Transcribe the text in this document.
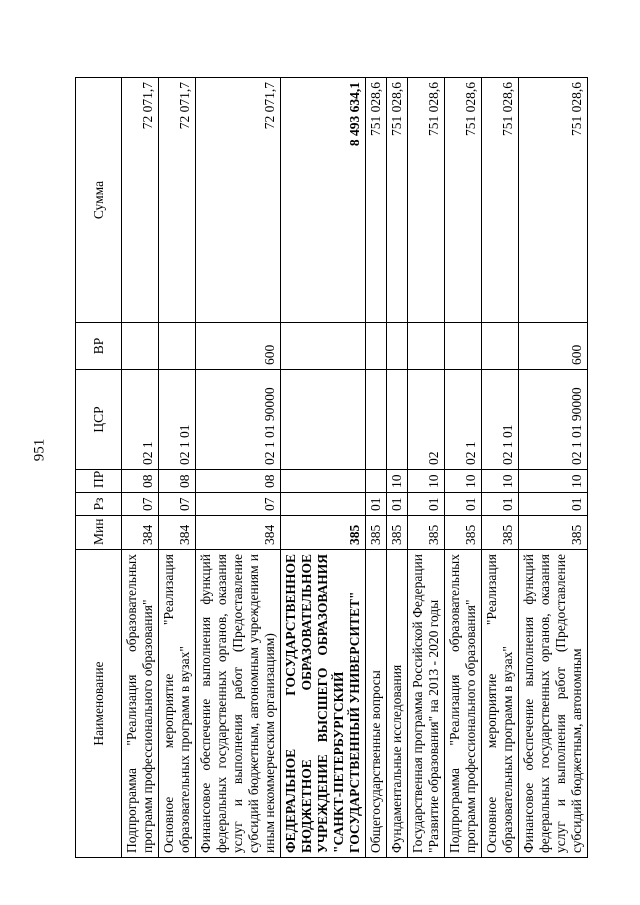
951
Наименование	Мин	Рз	ПР	ЦСР	ВР	Сумма
Подпрограмма "Реализация образовательных программ профессионального образования"	384	07	08	02 1		72 071,7
Основное мероприятие "Реализация образовательных программ в вузах"	384	07	08	02 1 01		72 071,7
Финансовое обеспечение выполнения функций федеральных государственных органов, оказания услуг и выполнения работ (Предоставление субсидий бюджетным, автономным учреждениям и иным некоммерческим организациям)	384	07	08	02 1 01 90000	600	72 071,7
ФЕДЕРАЛЬНОЕ ГОСУДАРСТВЕННОЕ БЮДЖЕТНОЕ ОБРАЗОВАТЕЛЬНОЕ УЧРЕЖДЕНИЕ ВЫСШЕГО ОБРАЗОВАНИЯ "САНКТ-ПЕТЕРБУРГСКИЙ ГОСУДАРСТВЕННЫЙ УНИВЕРСИТЕТ"	385					8 493 634,1
Общегосударственные вопросы	385	01				751 028,6
Фундаментальные исследования	385	01	10			751 028,6
Государственная программа Российской Федерации "Развитие образования" на 2013 - 2020 годы	385	01	10	02		751 028,6
Подпрограмма "Реализация образовательных программ профессионального образования"	385	01	10	02 1		751 028,6
Основное мероприятие "Реализация образовательных программ в вузах"	385	01	10	02 1 01		751 028,6
Финансовое обеспечение выполнения функций федеральных государственных органов, оказания услуг и выполнения работ (Предоставление субсидий бюджетным, автономным	385	01	10	02 1 01 90000	600	751 028,6
